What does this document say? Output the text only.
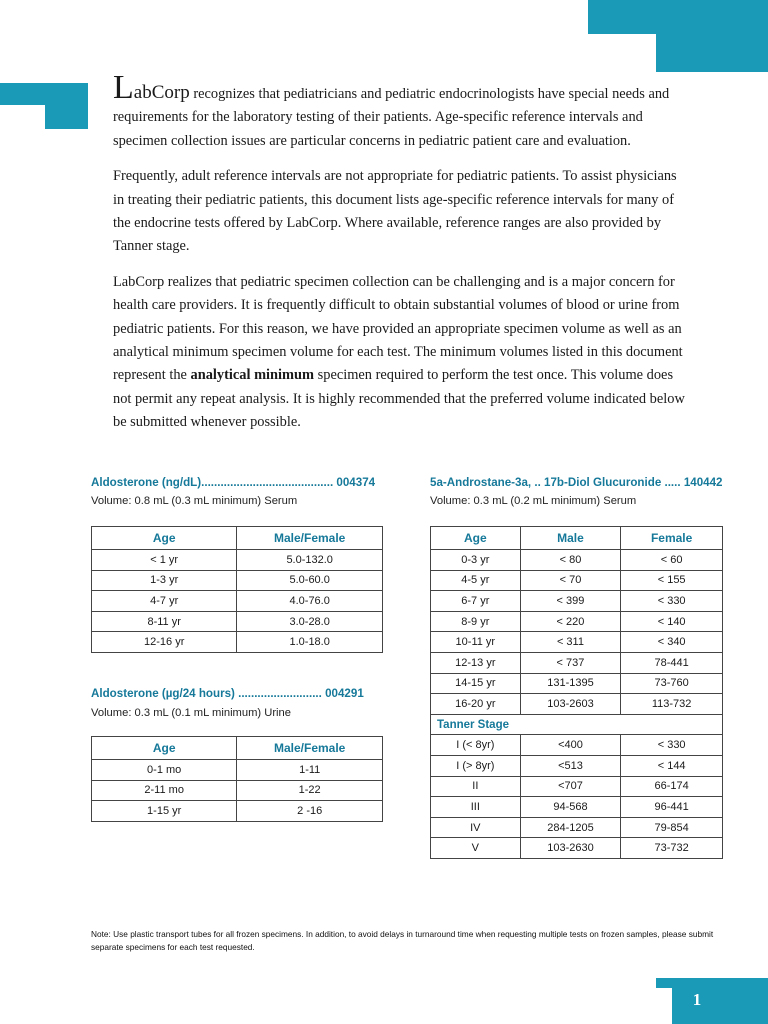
1

LabCorp recognizes that pediatricians and pediatric endocrinologists have special needs and requirements for the laboratory testing of their patients. Age-specific reference intervals and specimen collection issues are particular concerns in pediatric patient care and evaluation.

Frequently, adult reference intervals are not appropriate for pediatric patients. To assist physicians in treating their pediatric patients, this document lists age-specific reference intervals for many of the endocrine tests offered by LabCorp. Where available, reference ranges are also provided by Tanner stage.

LabCorp realizes that pediatric specimen collection can be challenging and is a major concern for health care providers. It is frequently difficult to obtain substantial volumes of blood or urine from pediatric patients. For this reason, we have provided an appropriate specimen volume as well as an analytical minimum specimen volume for each test. The minimum volumes listed in this document represent the analytical minimum specimen required to perform the test once. This volume does not permit any repeat analysis. It is highly recommended that the preferred volume indicated below be submitted whenever possible.

Aldosterone (ng/dL)......................................... 004374
Volume: 0.8 mL (0.3 mL minimum) Serum
Age	Male/Female
< 1 yr	5.0-132.0
1-3 yr	5.0-60.0
4-7 yr	4.0-76.0
8-11 yr	3.0-28.0
12-16 yr	1.0-18.0
Aldosterone (µg/24 hours) .......................... 004291
Volume: 0.3 mL (0.1 mL minimum) Urine
Age	Male/Female
0-1 mo	1-11
2-11 mo	1-22
1-15 yr	2 -16
5a-Androstane-3a, .. 17b-Diol Glucuronide ..... 140442
Volume: 0.3 mL (0.2 mL minimum) Serum
Age	Male	Female
0-3 yr	< 80	< 60
4-5 yr	< 70	< 155
6-7 yr	< 399	< 330
8-9 yr	< 220	< 140
10-11 yr	< 311	< 340
12-13 yr	< 737	78-441
14-15 yr	131-1395	73-760
16-20 yr	103-2603	113-732
Tanner Stage		
I (< 8yr)	<400	< 330
I (> 8yr)	<513	< 144
II	<707	66-174
III	94-568	96-441
IV	284-1205	79-854
V	103-2630	73-732
Note: Use plastic transport tubes for all frozen specimens. In addition, to avoid delays in turnaround time when requesting multiple tests on frozen samples, please submit separate specimens for each test requested.
